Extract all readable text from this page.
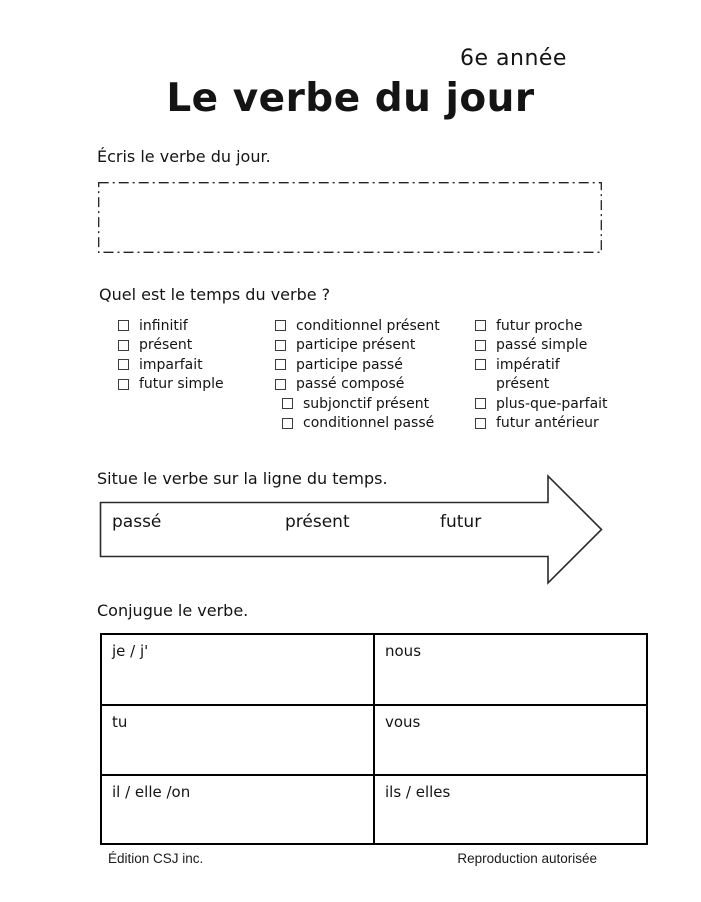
6e année
Le verbe du jour
Écris le verbe du jour.
Quel est le temps du verbe ?
infinitif
présent
imparfait
futur simple
conditionnel présent
participe présent
participe passé
passé composé
subjonctif présent
conditionnel passé
futur proche
passé simple
impératif
présent
plus-que-parfait
futur antérieur
Situe le verbe sur la ligne du temps.
passé	présent	futur
Conjugue le verbe.
je / j'	nous
tu	vous
il / elle /on	ils / elles
Édition CSJ inc.	Reproduction autorisée
